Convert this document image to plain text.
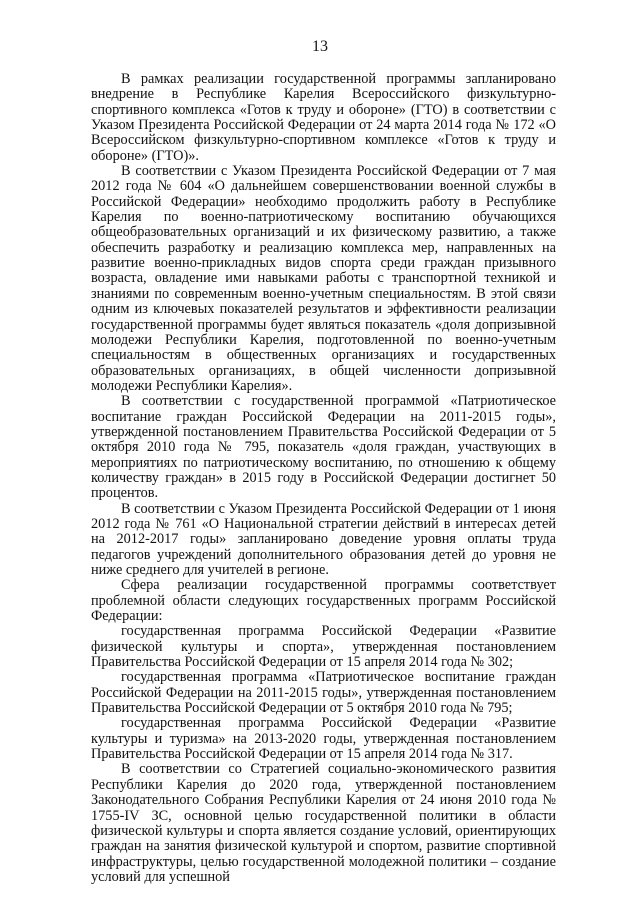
13

В рамках реализации государственной программы запланировано внедрение в Республике Карелия Всероссийского физкультурно-спортивного комплекса «Готов к труду и обороне» (ГТО) в соответствии с Указом Президента Российской Федерации от 24 марта 2014 года № 172 «О Всероссийском физкультурно-спортивном комплексе «Готов к труду и обороне» (ГТО)».

В соответствии с Указом Президента Российской Федерации от 7 мая 2012 года № 604 «О дальнейшем совершенствовании военной службы в Российской Федерации» необходимо продолжить работу в Республике Карелия по военно-патриотическому воспитанию обучающихся общеобразовательных организаций и их физическому развитию, а также обеспечить разработку и реализацию комплекса мер, направленных на развитие военно-прикладных видов спорта среди граждан призывного возраста, овладение ими навыками работы с транспортной техникой и знаниями по современным военно-учетным специальностям. В этой связи одним из ключевых показателей результатов и эффективности реализации государственной программы будет являться показатель «доля допризывной молодежи Республики Карелия, подготовленной по военно-учетным специальностям в общественных организациях и государственных образовательных организациях, в общей численности допризывной молодежи Республики Карелия».

В соответствии с государственной программой «Патриотическое воспитание граждан Российской Федерации на 2011-2015 годы», утвержденной постановлением Правительства Российской Федерации от 5 октября 2010 года № 795, показатель «доля граждан, участвующих в мероприятиях по патриотическому воспитанию, по отношению к общему количеству граждан» в 2015 году в Российской Федерации достигнет 50 процентов.

В соответствии с Указом Президента Российской Федерации от 1 июня 2012 года № 761 «О Национальной стратегии действий в интересах детей на 2012-2017 годы» запланировано доведение уровня оплаты труда педагогов учреждений дополнительного образования детей до уровня не ниже среднего для учителей в регионе.

Сфера реализации государственной программы соответствует проблемной области следующих государственных программ Российской Федерации:

государственная программа Российской Федерации «Развитие физической культуры и спорта», утвержденная постановлением Правительства Российской Федерации от 15 апреля 2014 года № 302;

государственная программа «Патриотическое воспитание граждан Российской Федерации на 2011-2015 годы», утвержденная постановлением Правительства Российской Федерации от 5 октября 2010 года № 795;

государственная программа Российской Федерации «Развитие культуры и туризма» на 2013-2020 годы, утвержденная постановлением Правительства Российской Федерации от 15 апреля 2014 года № 317.

В соответствии со Стратегией социально-экономического развития Республики Карелия до 2020 года, утвержденной постановлением Законодательного Собрания Республики Карелия от 24 июня 2010 года № 1755-IV ЗС, основной целью государственной политики в области физической культуры и спорта является создание условий, ориентирующих граждан на занятия физической культурой и спортом, развитие спортивной инфраструктуры, целью государственной молодежной политики – создание условий для успешной
